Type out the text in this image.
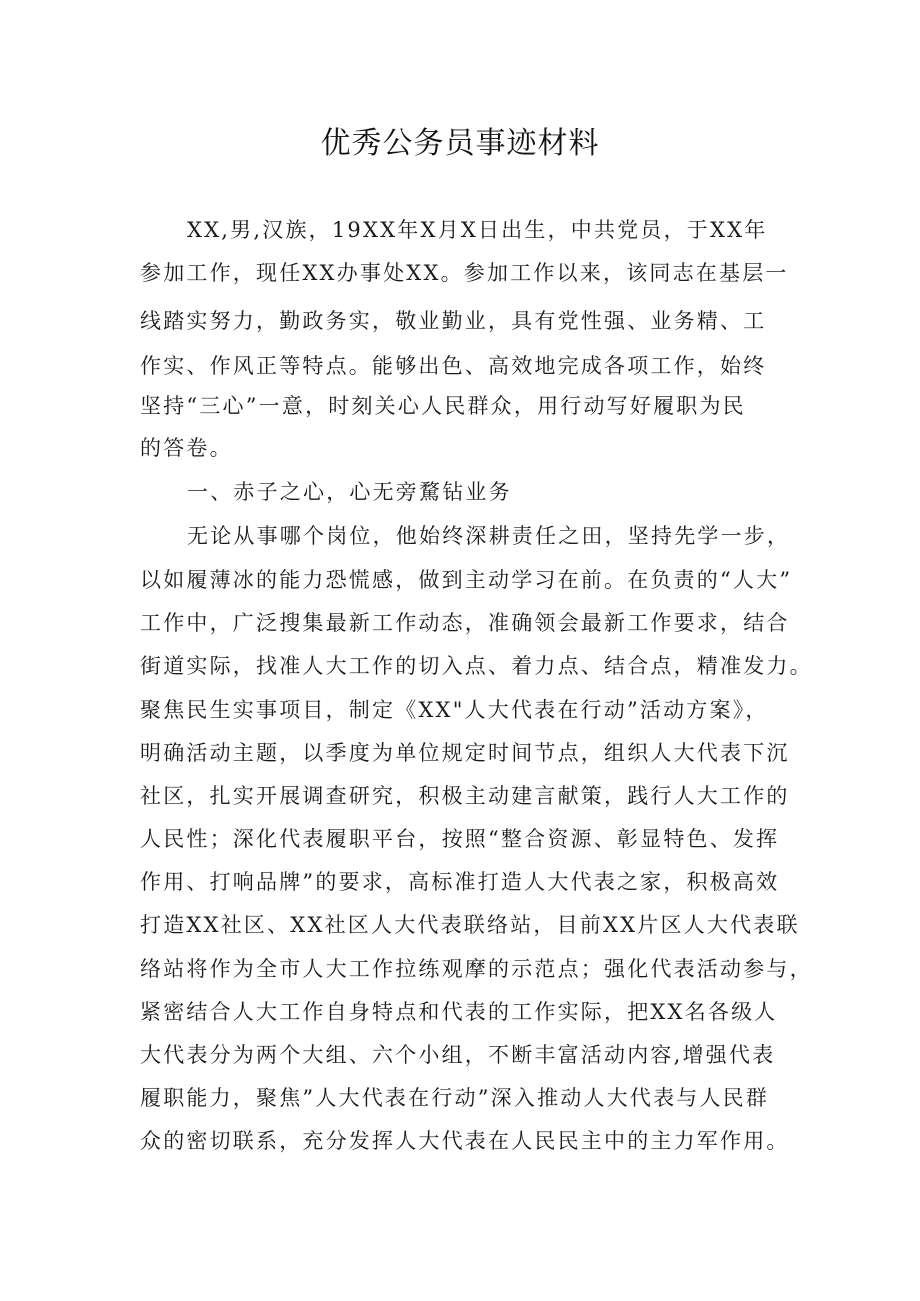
优秀公务员事迹材料
XX,男,汉族，19XX年X月X日出生，中共党员，于XX年
参加工作，现任XX办事处XX。参加工作以来，该同志在基层一
线踏实努力，勤政务实，敬业勤业，具有党性强、业务精、工
作实、作风正等特点。能够出色、高效地完成各项工作，始终
坚持“三心”一意，时刻关心人民群众，用行动写好履职为民
的答卷。
一、赤子之心，心无旁騖钻业务
无论从事哪个岗位，他始终深耕责任之田，坚持先学一步，
以如履薄冰的能力恐慌感，做到主动学习在前。在负责的“人大”
工作中，广泛搜集最新工作动态，准确领会最新工作要求，结合
街道实际，找准人大工作的切入点、着力点、结合点，精准发力。
聚焦民生实事项目，制定《XX"人大代表在行动”活动方案》，
明确活动主题，以季度为单位规定时间节点，组织人大代表下沉
社区，扎实开展调查研究，积极主动建言献策，践行人大工作的
人民性；深化代表履职平台，按照“整合资源、彰显特色、发挥
作用、打响品牌”的要求，高标准打造人大代表之家，积极高效
打造XX社区、XX社区人大代表联络站，目前XX片区人大代表联
络站将作为全市人大工作拉练观摩的示范点；强化代表活动参与，
紧密结合人大工作自身特点和代表的工作实际，把XX名各级人
大代表分为两个大组、六个小组，不断丰富活动内容,增强代表
履职能力，聚焦”人大代表在行动”深入推动人大代表与人民群
众的密切联系，充分发挥人大代表在人民民主中的主力军作用。
